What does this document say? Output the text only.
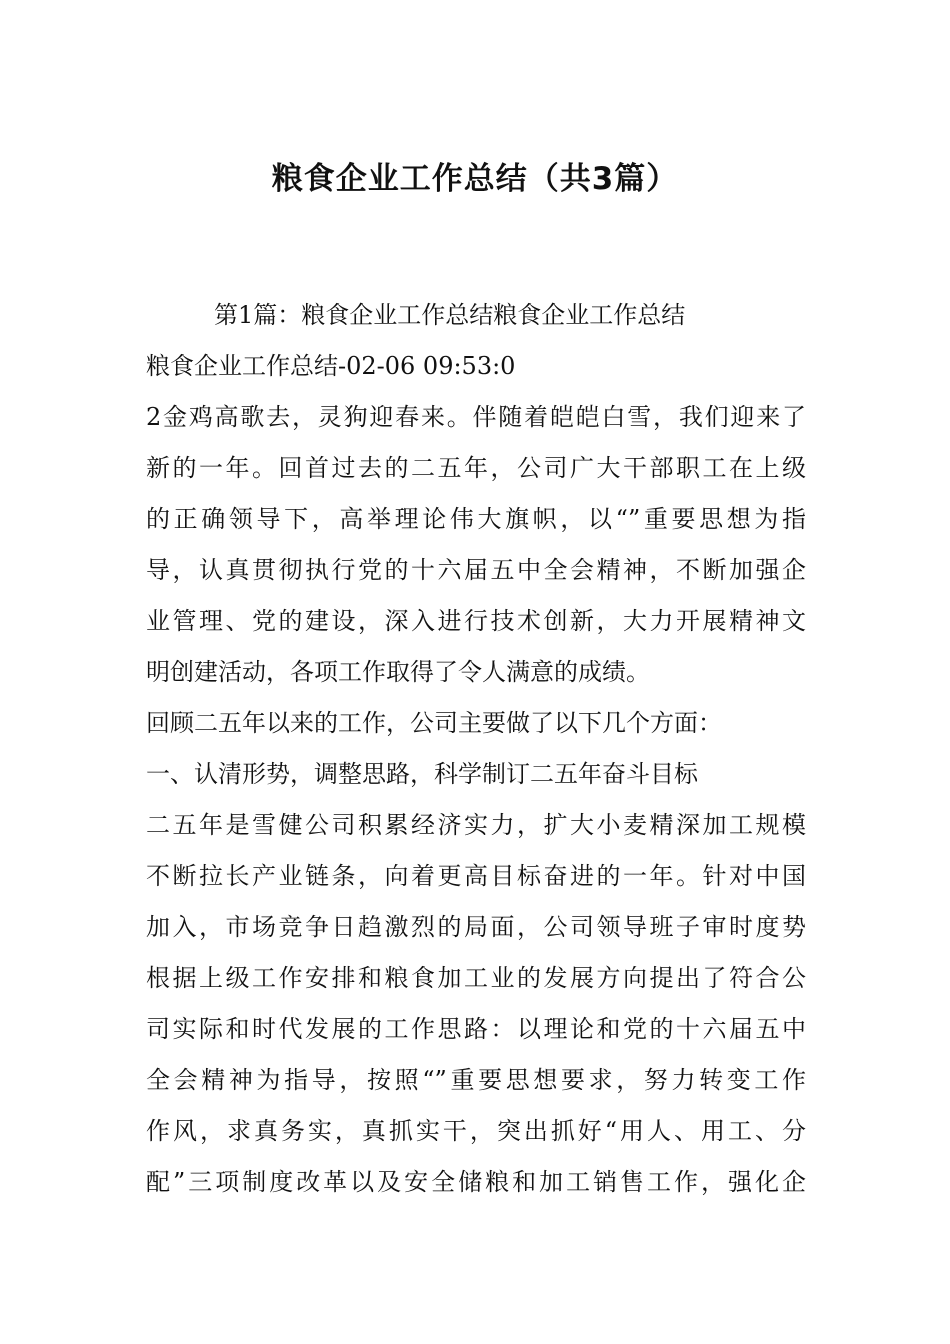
粮食企业工作总结（共3篇）

第1篇：粮食企业工作总结粮食企业工作总结

粮食企业工作总结-02-06 09:53:0

2金鸡高歌去，灵狗迎春来。伴随着皑皑白雪，我们迎来了

新的一年。回首过去的二五年，公司广大干部职工在上级

的正确领导下，高举理论伟大旗帜，以“”重要思想为指

导，认真贯彻执行党的十六届五中全会精神，不断加强企

业管理、党的建设，深入进行技术创新，大力开展精神文

明创建活动，各项工作取得了令人满意的成绩。

回顾二五年以来的工作，公司主要做了以下几个方面：

一、认清形势，调整思路，科学制订二五年奋斗目标

二五年是雪健公司积累经济实力，扩大小麦精深加工规模

不断拉长产业链条，向着更高目标奋进的一年。针对中国

加入，市场竞争日趋激烈的局面，公司领导班子审时度势

根据上级工作安排和粮食加工业的发展方向提出了符合公

司实际和时代发展的工作思路：以理论和党的十六届五中

全会精神为指导，按照“”重要思想要求，努力转变工作

作风，求真务实，真抓实干，突出抓好“用人、用工、分

配”三项制度改革以及安全储粮和加工销售工作，强化企
